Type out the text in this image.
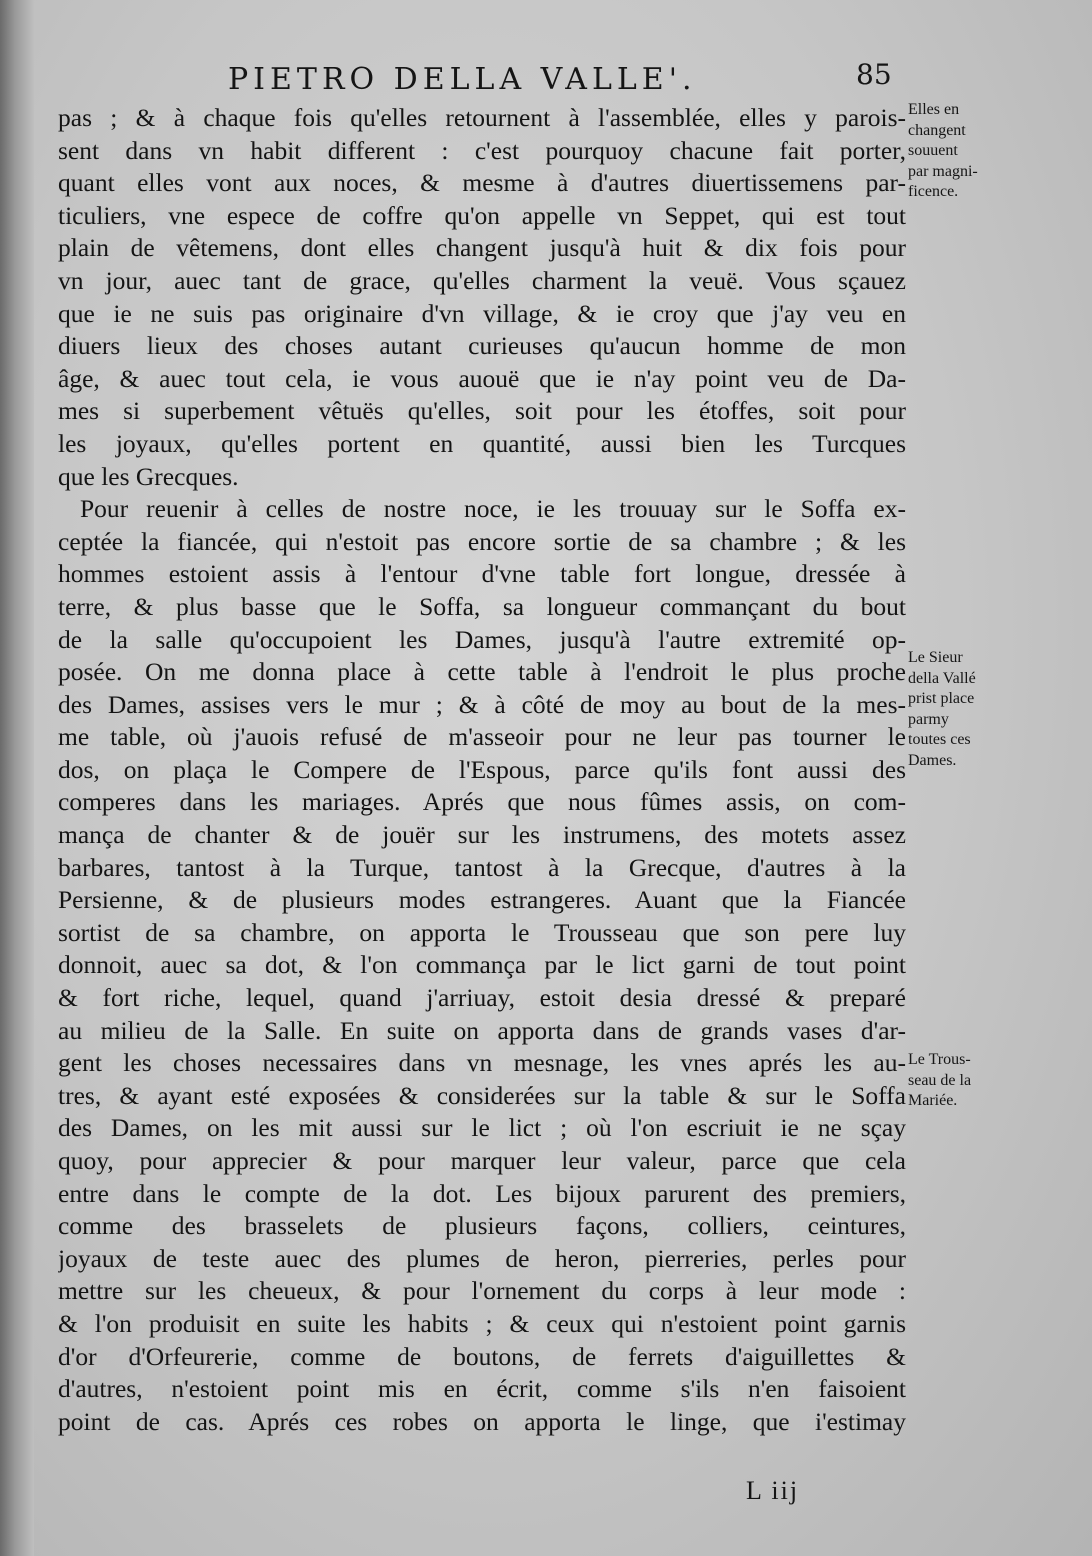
PIETRO DELLA VALLE'.	85
pas ; & à chaque fois qu'elles retournent à l'assemblée, elles y parois-
sent dans vn habit different : c'est pourquoy chacune fait porter,
quant elles vont aux noces, & mesme à d'autres diuertissemens par-
ticuliers, vne espece de coffre qu'on appelle vn Seppet, qui est tout
plain de vêtemens, dont elles changent jusqu'à huit & dix fois pour
vn jour, auec tant de grace, qu'elles charment la veuë. Vous sçauez
que ie ne suis pas originaire d'vn village, & ie croy que j'ay veu en
diuers lieux des choses autant curieuses qu'aucun homme de mon
âge, & auec tout cela, ie vous auouë que ie n'ay point veu de Da-
mes si superbement vêtuës qu'elles, soit pour les étoffes, soit pour
les joyaux, qu'elles portent en quantité, aussi bien les Turcques
que les Grecques.
Pour reuenir à celles de nostre noce, ie les trouuay sur le Soffa ex-
ceptée la fiancée, qui n'estoit pas encore sortie de sa chambre ; & les
hommes estoient assis à l'entour d'vne table fort longue, dressée à
terre, & plus basse que le Soffa, sa longueur commançant du bout
de la salle qu'occupoient les Dames, jusqu'à l'autre extremité op-
posée. On me donna place à cette table à l'endroit le plus proche
des Dames, assises vers le mur ; & à côté de moy au bout de la mes-
me table, où j'auois refusé de m'asseoir pour ne leur pas tourner le
dos, on plaça le Compere de l'Espous, parce qu'ils font aussi des
comperes dans les mariages. Aprés que nous fûmes assis, on com-
mança de chanter & de jouër sur les instrumens, des motets assez
barbares, tantost à la Turque, tantost à la Grecque, d'autres à la
Persienne, & de plusieurs modes estrangeres. Auant que la Fiancée
sortist de sa chambre, on apporta le Trousseau que son pere luy
donnoit, auec sa dot, & l'on commança par le lict garni de tout point
& fort riche, lequel, quand j'arriuay, estoit desia dressé & preparé
au milieu de la Salle. En suite on apporta dans de grands vases d'ar-
gent les choses necessaires dans vn mesnage, les vnes aprés les au-
tres, & ayant esté exposées & considerées sur la table & sur le Soffa
des Dames, on les mit aussi sur le lict ; où l'on escriuit ie ne sçay
quoy, pour apprecier & pour marquer leur valeur, parce que cela
entre dans le compte de la dot. Les bijoux parurent des premiers,
comme des brasselets de plusieurs façons, colliers, ceintures,
joyaux de teste auec des plumes de heron, pierreries, perles pour
mettre sur les cheueux, & pour l'ornement du corps à leur mode :
& l'on produisit en suite les habits ; & ceux qui n'estoient point garnis
d'or d'Orfeurerie, comme de boutons, de ferrets d'aiguillettes &
d'autres, n'estoient point mis en écrit, comme s'ils n'en faisoient
point de cas. Aprés ces robes on apporta le linge, que i'estimay
Elles en
changent
souuent
par magni-
ficence.
Le Sieur
della Vallé
prist place
parmy
toutes ces
Dames.
Le Trous-
seau de la
Mariée.
L iij
